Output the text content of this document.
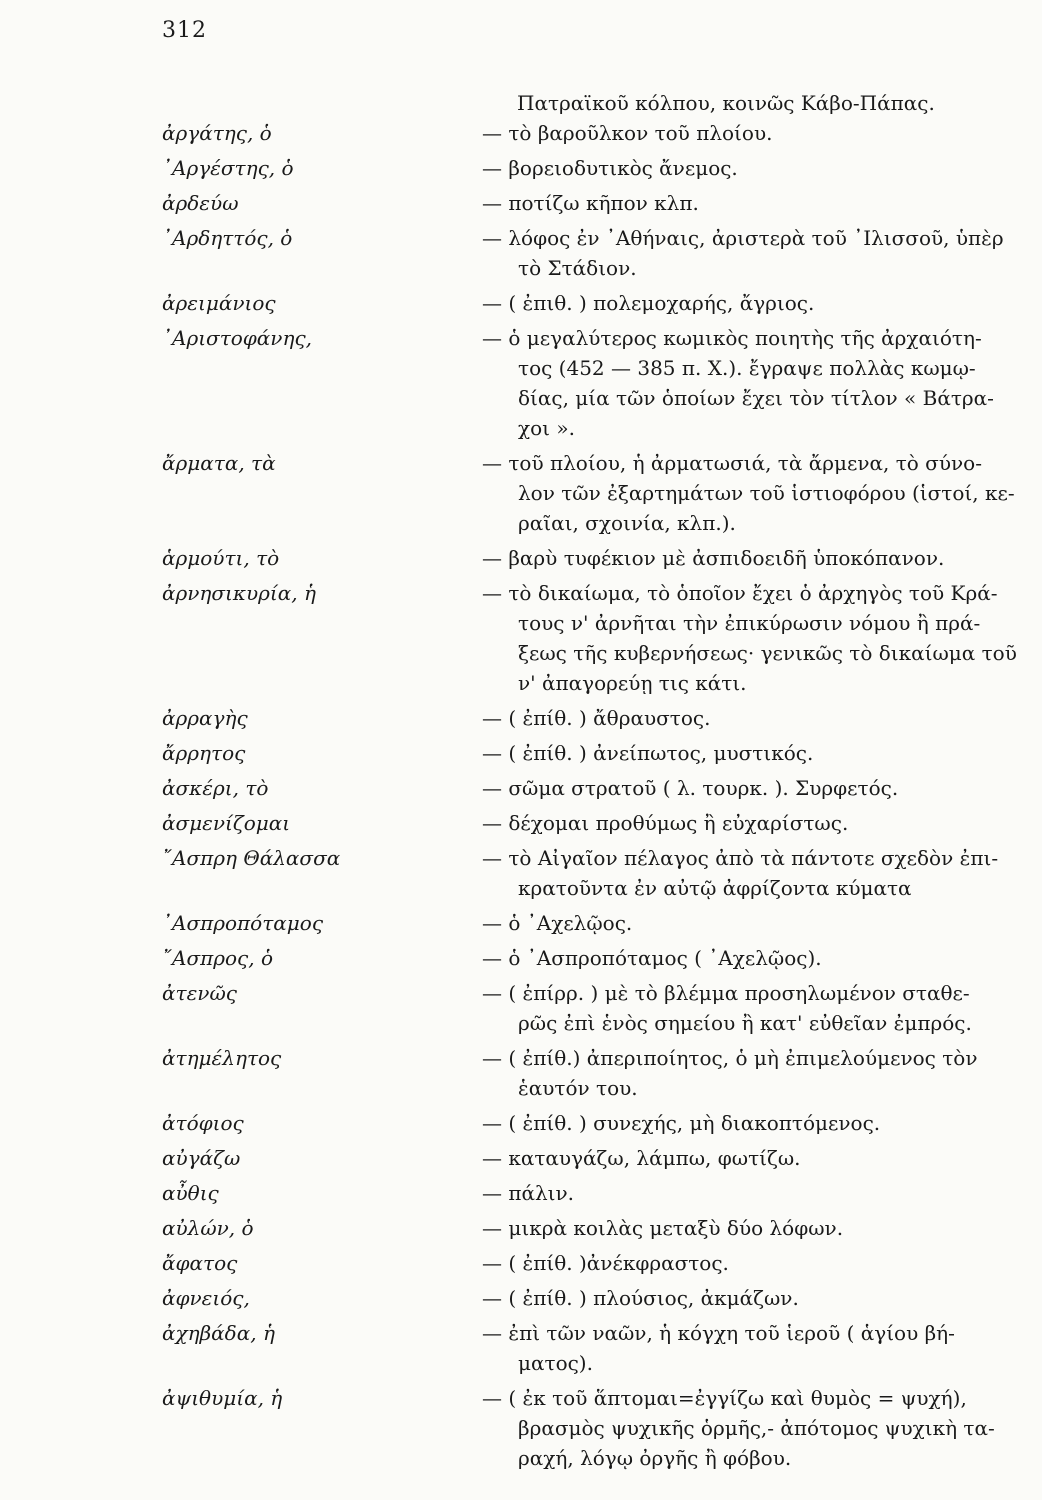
312
Πατραϊκοῦ κόλπου, κοινῶς Κάβο-Πάπας.
ἀργάτης, ὁ	— τὸ βαροῦλκον τοῦ πλοίου.
᾿Αργέστης, ὁ	— βορειοδυτικὸς ἄνεμος.
ἀρδεύω	— ποτίζω κῆπον κλπ.
᾿Αρδηττός, ὁ	— λόφος ἐν ᾿Αθήναις, ἀριστερὰ τοῦ ᾿Ιλισσοῦ, ὑπὲρ
τὸ Στάδιον.
ἀρειμάνιος	— ( ἐπιθ. ) πολεμοχαρής, ἄγριος.
᾿Αριστοφάνης,	— ὁ μεγαλύτερος κωμικὸς ποιητὴς τῆς ἀρχαιότη-
τος (452 — 385 π. Χ.). ἔγραψε πολλὰς κωμῳ-
δίας, μία τῶν ὁποίων ἔχει τὸν τίτλον « Βάτρα-
χοι ».
ἄρματα, τὰ	— τοῦ πλοίου, ἡ ἀρματωσιά, τὰ ἄρμενα, τὸ σύνο-
λον τῶν ἐξαρτημάτων τοῦ ἱστιοφόρου (ἱστοί, κε-
ραῖαι, σχοινία, κλπ.).
ἁρμούτι, τὸ	— βαρὺ τυφέκιον μὲ ἀσπιδοειδῆ ὑποκόπανον.
ἀρνησικυρία, ἡ	— τὸ δικαίωμα, τὸ ὁποῖον ἔχει ὁ ἀρχηγὸς τοῦ Κρά-
τους ν' ἀρνῆται τὴν ἐπικύρωσιν νόμου ἢ πρά-
ξεως τῆς κυβερνήσεως· γενικῶς τὸ δικαίωμα τοῦ
ν' ἀπαγορεύῃ τις κάτι.
ἀρραγὴς	— ( ἐπίθ. ) ἄθραυστος.
ἄρρητος	— ( ἐπίθ. ) ἀνείπωτος, μυστικός.
ἀσκέρι, τὸ	— σῶμα στρατοῦ ( λ. τουρκ. ). Συρφετός.
ἀσμενίζομαι	— δέχομαι προθύμως ἢ εὐχαρίστως.
῎Ασπρη Θάλασσα	— τὸ Αἰγαῖον πέλαγος ἀπὸ τὰ πάντοτε σχεδὸν ἐπι-
κρατοῦντα ἐν αὐτῷ ἀφρίζοντα κύματα
᾿Ασπροπόταμος	— ὁ ᾿Αχελῷος.
῎Ασπρος, ὁ	— ὁ ᾿Ασπροπόταμος ( ᾿Αχελῷος).
ἀτενῶς	— ( ἐπίρρ. ) μὲ τὸ βλέμμα προσηλωμένον σταθε-
ρῶς ἐπὶ ἑνὸς σημείου ἢ κατ' εὐθεῖαν ἐμπρός.
ἀτημέλητος	— ( ἐπίθ.) ἀπεριποίητος, ὁ μὴ ἐπιμελούμενος τὸν
ἑαυτόν του.
ἀτόφιος	— ( ἐπίθ. ) συνεχής, μὴ διακοπτόμενος.
αὐγάζω	— καταυγάζω, λάμπω, φωτίζω.
αὖθις	— πάλιν.
αὐλών, ὁ	— μικρὰ κοιλὰς μεταξὺ δύο λόφων.
ἄφατος	— ( ἐπίθ. )ἀνέκφραστος.
ἀφνειός,	— ( ἐπίθ. ) πλούσιος, ἀκμάζων.
ἀχηβάδα, ἡ	— ἐπὶ τῶν ναῶν, ἡ κόγχη τοῦ ἱεροῦ ( ἁγίου βή-
ματος).
ἀψιθυμία, ἡ	— ( ἐκ τοῦ ἅπτομαι=ἐγγίζω καὶ θυμὸς = ψυχή),
βρασμὸς ψυχικῆς ὁρμῆς,- ἀπότομος ψυχικὴ τα-
ραχή, λόγῳ ὀργῆς ἢ φόβου.
